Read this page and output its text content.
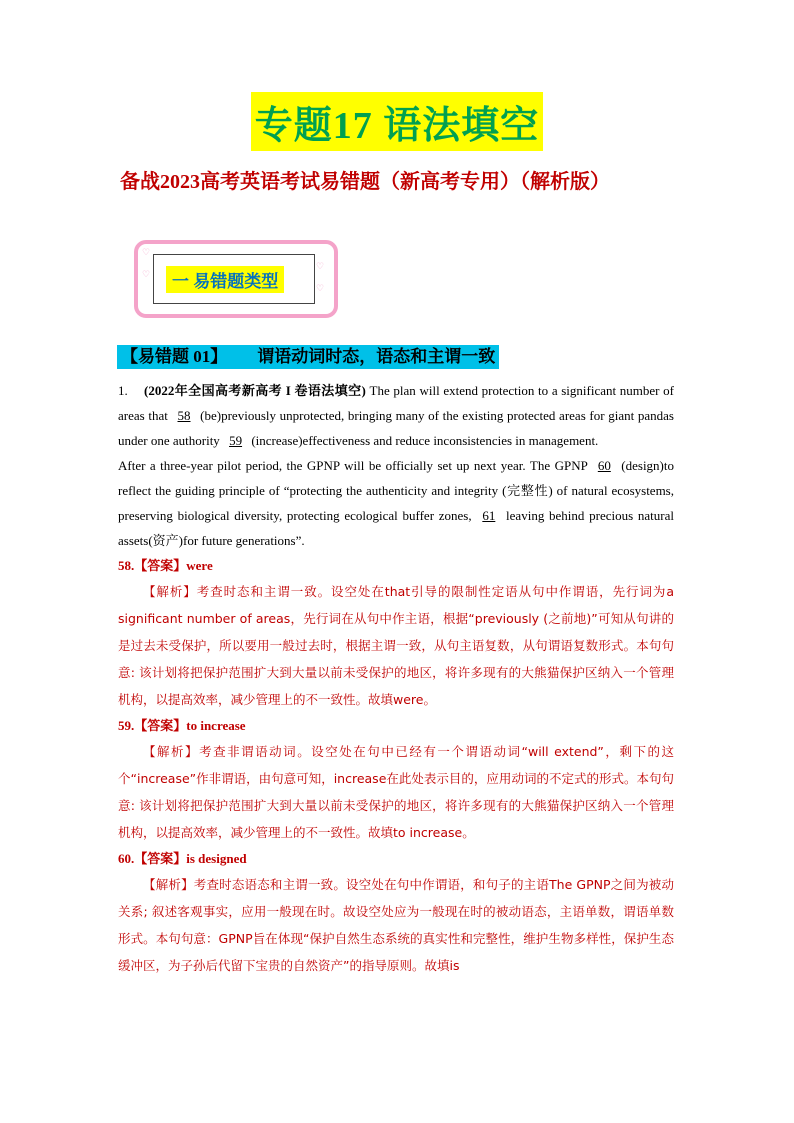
专题17 语法填空
备战2023高考英语考试易错题（新高考专用）（解析版）
♡
♡
♡
♡
一 易错题类型
【易错题 01】 谓语动词时态，语态和主谓一致

1. (2022年全国高考新高考 I 卷语法填空) The plan will extend protection to a significant number of areas that 58 (be)previously unprotected, bringing many of the existing protected areas for giant pandas under one authority 59 (increase)effectiveness and reduce inconsistencies in management.

After a three-year pilot period, the GPNP will be officially set up next year. The GPNP 60 (design)to reflect the guiding principle of “protecting the authenticity and integrity (完整性) of natural ecosystems, preserving biological diversity, protecting ecological buffer zones, 61 leaving behind precious natural assets(资产)for future generations”.

58.【答案】were

【解析】考查时态和主谓一致。设空处在that引导的限制性定语从句中作谓语，先行词为a significant number of areas，先行词在从句中作主语，根据“previously (之前地)”可知从句讲的是过去未受保护，所以要用一般过去时，根据主谓一致，从句主语复数，从句谓语复数形式。本句句意: 该计划将把保护范围扩大到大量以前未受保护的地区，将许多现有的大熊猫保护区纳入一个管理机构，以提高效率，减少管理上的不一致性。故填were。

59.【答案】to increase

【解析】考查非谓语动词。设空处在句中已经有一个谓语动词“will extend”，剩下的这个“increase”作非谓语，由句意可知，increase在此处表示目的，应用动词的不定式的形式。本句句意: 该计划将把保护范围扩大到大量以前未受保护的地区，将许多现有的大熊猫保护区纳入一个管理机构，以提高效率，减少管理上的不一致性。故填to increase。

60.【答案】is designed

【解析】考查时态语态和主谓一致。设空处在句中作谓语，和句子的主语The GPNP之间为被动关系; 叙述客观事实，应用一般现在时。故设空处应为一般现在时的被动语态，主语单数，谓语单数形式。本句句意：GPNP旨在体现“保护自然生态系统的真实性和完整性，维护生物多样性，保护生态缓冲区，为子孙后代留下宝贵的自然资产”的指导原则。故填is
